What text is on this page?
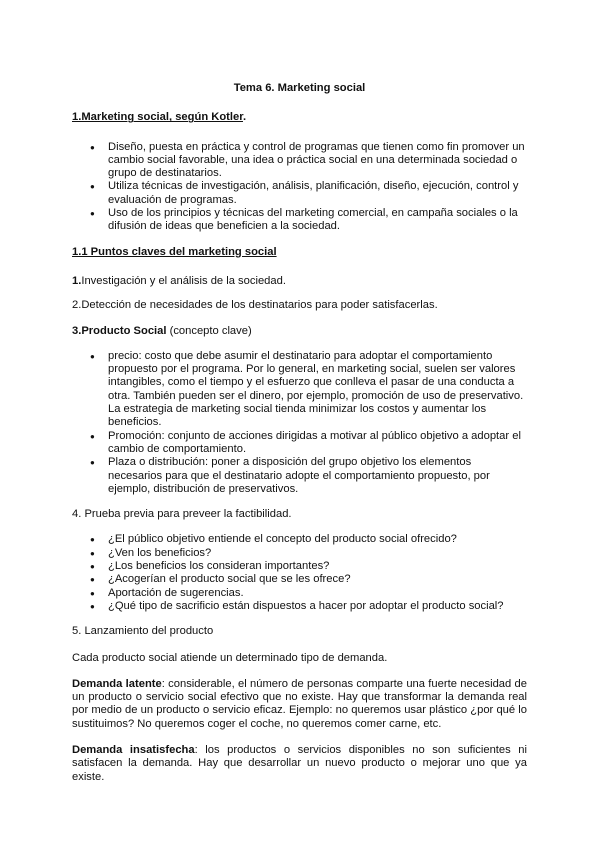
Tema 6. Marketing social
1.Marketing social, según Kotler.
● Diseño, puesta en práctica y control de programas que tienen como fin promover un cambio social favorable, una idea o práctica social en una determinada sociedad o grupo de destinatarios.
● Utiliza técnicas de investigación, análisis, planificación, diseño, ejecución, control y evaluación de programas.
● Uso de los principios y técnicas del marketing comercial, en campaña sociales o la difusión de ideas que beneficien a la sociedad.
1.1 Puntos claves del marketing social

1.Investigación y el análisis de la sociedad.

2.Detección de necesidades de los destinatarios para poder satisfacerlas.

3.Producto Social (concepto clave)

● precio: costo que debe asumir el destinatario para adoptar el comportamiento propuesto por el programa. Por lo general, en marketing social, suelen ser valores intangibles, como el tiempo y el esfuerzo que conlleva el pasar de una conducta a otra. También pueden ser el dinero, por ejemplo, promoción de uso de preservativo. La estrategia de marketing social tienda minimizar los costos y aumentar los beneficios.
● Promoción: conjunto de acciones dirigidas a motivar al público objetivo a adoptar el cambio de comportamiento.
● Plaza o distribución: poner a disposición del grupo objetivo los elementos necesarios para que el destinatario adopte el comportamiento propuesto, por ejemplo, distribución de preservativos.

4. Prueba previa para preveer la factibilidad.

● ¿El público objetivo entiende el concepto del producto social ofrecido?
● ¿Ven los beneficios?
● ¿Los beneficios los consideran importantes?
● ¿Acogerían el producto social que se les ofrece?
● Aportación de sugerencias.
● ¿Qué tipo de sacrificio están dispuestos a hacer por adoptar el producto social?

5. Lanzamiento del producto

Cada producto social atiende un determinado tipo de demanda.

Demanda latente: considerable, el número de personas comparte una fuerte necesidad de un producto o servicio social efectivo que no existe. Hay que transformar la demanda real por medio de un producto o servicio eficaz. Ejemplo: no queremos usar plástico ¿por qué lo sustituimos? No queremos coger el coche, no queremos comer carne, etc.

Demanda insatisfecha: los productos o servicios disponibles no son suficientes ni satisfacen la demanda. Hay que desarrollar un nuevo producto o mejorar uno que ya existe.
